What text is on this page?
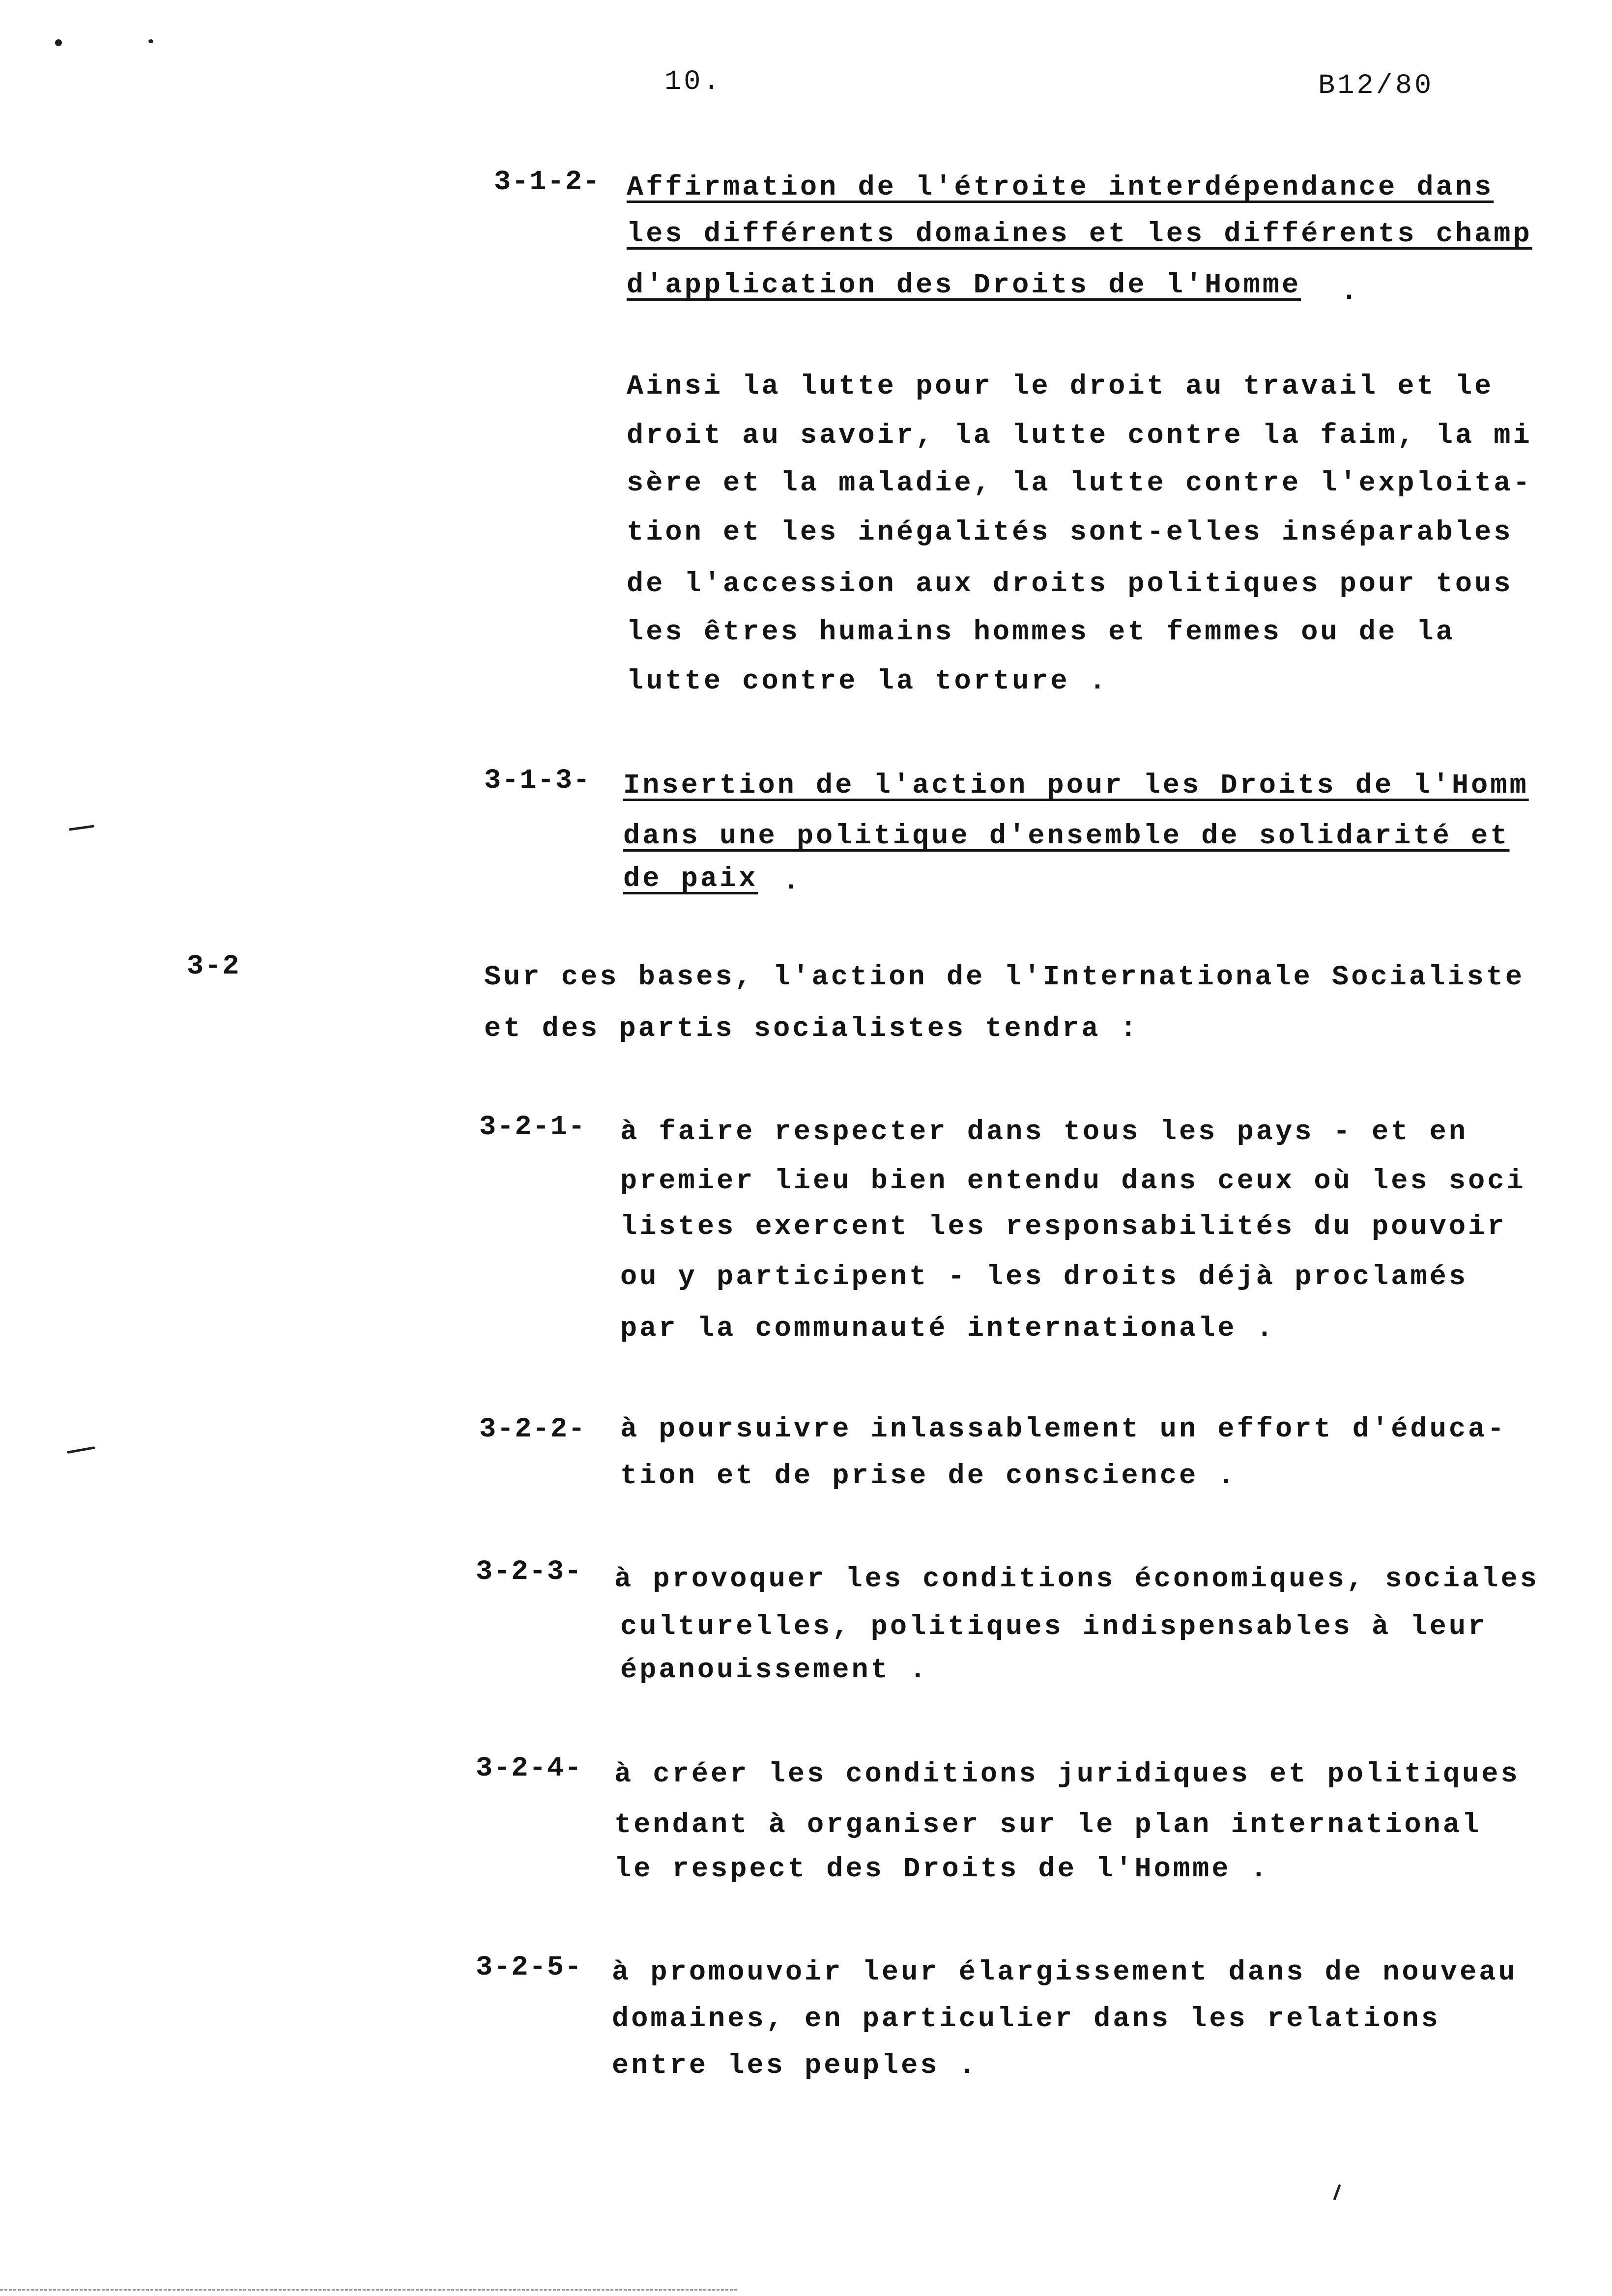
10.	B12/80
3-1-2- Affirmation de l'étroite interdépendance dans
les différents domaines et les différents champ
d'application des Droits de l'Homme .
Ainsi la lutte pour le droit au travail et le
droit au savoir, la lutte contre la faim, la mi
sère et la maladie, la lutte contre l'exploita-
tion et les inégalités sont-elles inséparables
de l'accession aux droits politiques pour tous
les êtres humains hommes et femmes ou de la
lutte contre la torture .
3-1-3- Insertion de l'action pour les Droits de l'Homm
dans une politique d'ensemble de solidarité et
de paix .
3-2	Sur ces bases, l'action de l'Internationale Socialiste
et des partis socialistes tendra :
3-2-1- à faire respecter dans tous les pays - et en
premier lieu bien entendu dans ceux où les soci
listes exercent les responsabilités du pouvoir
ou y participent - les droits déjà proclamés
par la communauté internationale .
3-2-2- à poursuivre inlassablement un effort d'éduca-
tion et de prise de conscience .
3-2-3- à provoquer les conditions économiques, sociales
culturelles, politiques indispensables à leur
épanouissement .
3-2-4- à créer les conditions juridiques et politiques
tendant à organiser sur le plan international
le respect des Droits de l'Homme .
3-2-5- à promouvoir leur élargissement dans de nouveau
domaines, en particulier dans les relations
entre les peuples .
